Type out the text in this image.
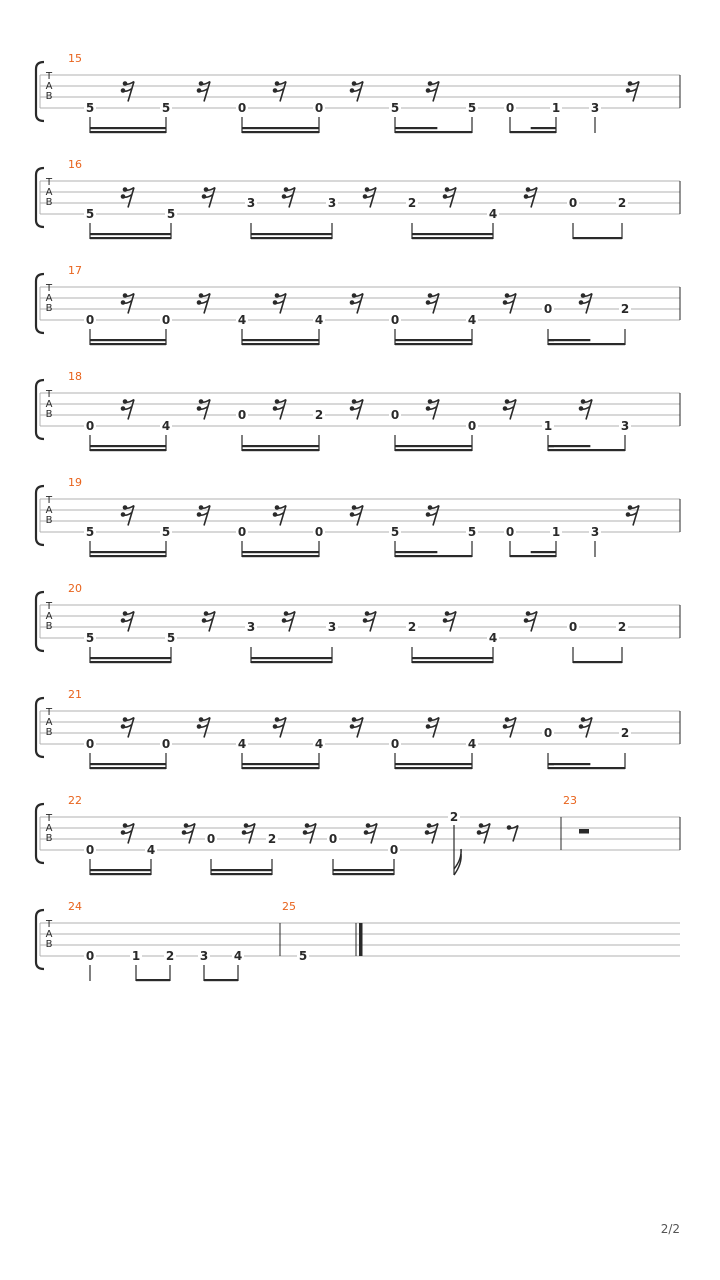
T
A
B
15
5	5	0	0	5	5 0	1	3
T
A
B
16
5	5
3	3	2
4
0	2
T
A
B
17
0	0	4	4	0	4
0	2
T
A
B
18
0	4
0	2	0
0	1	3
T
A
B
19
5	5	0	0	5	5 0	1	3
T
A
B
20
5	5
3	3	2
4
0	2
T
A
B
21
0	0	4	4	0	4
0	2
T
A
B
22	23
0	4
0	2	0
0
2
T
A
B
24	25
0	1 2 3 4	5
2/2
